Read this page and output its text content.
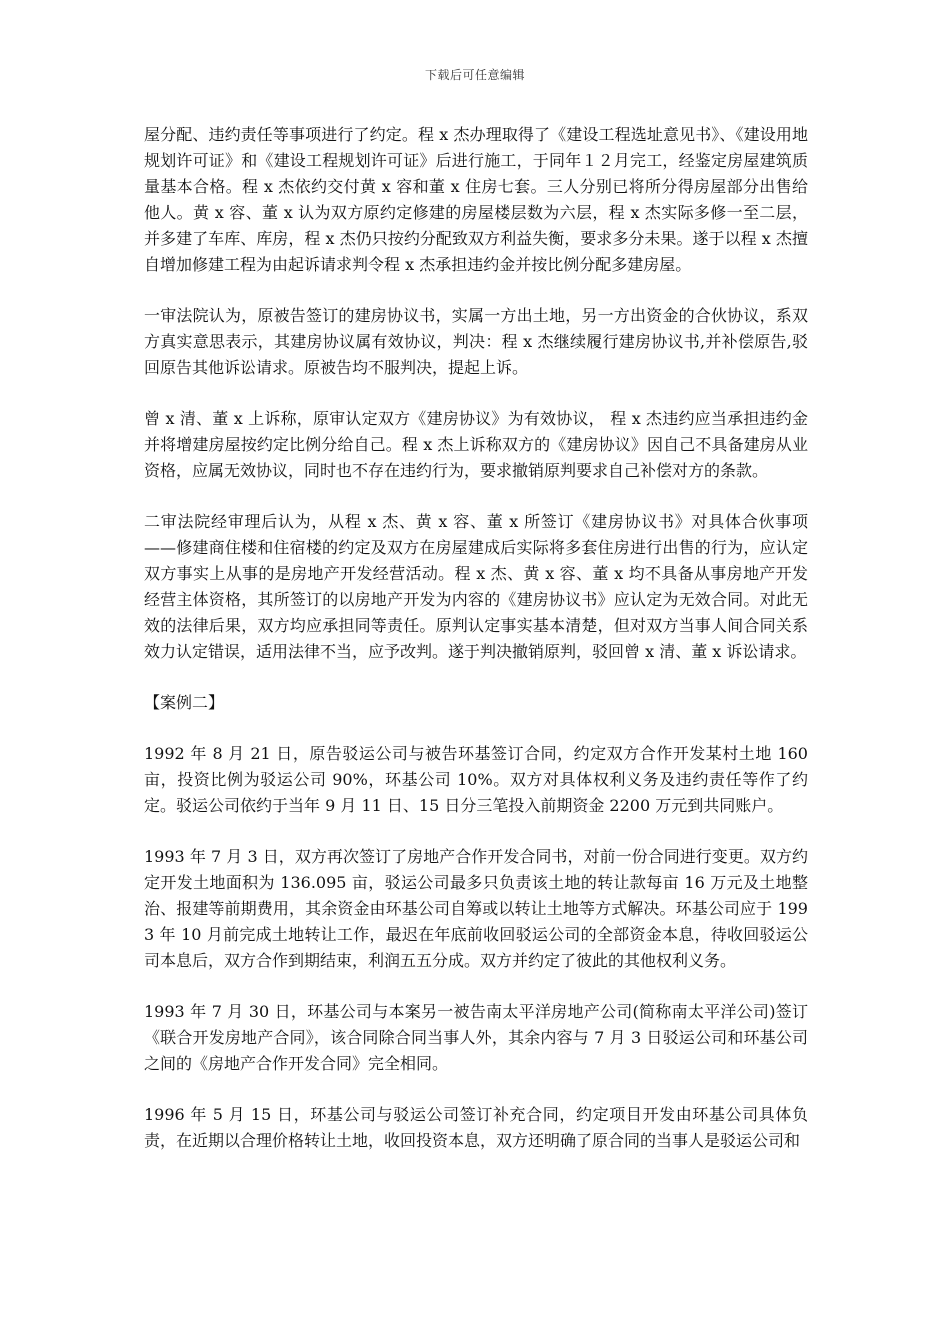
下载后可任意编辑

屋分配、违约责任等事项进行了约定。程 x 杰办理取得了《建设工程选址意见书》、《建设用地规划许可证》和《建设工程规划许可证》后进行施工，于同年１２月完工，经鉴定房屋建筑质量基本合格。程 x 杰依约交付黄 x 容和董 x 住房七套。三人分别已将所分得房屋部分出售给他人。黄 x 容、董 x 认为双方原约定修建的房屋楼层数为六层，程 x 杰实际多修一至二层，并多建了车库、库房，程 x 杰仍只按约分配致双方利益失衡，要求多分未果。遂于以程 x 杰擅自增加修建工程为由起诉请求判令程 x 杰承担违约金并按比例分配多建房屋。

一审法院认为，原被告签订的建房协议书，实属一方出土地，另一方出资金的合伙协议，系双方真实意思表示，其建房协议属有效协议，判决：程 x 杰继续履行建房协议书,并补偿原告,驳回原告其他诉讼请求。原被告均不服判决，提起上诉。

曾 x 清、董 x 上诉称，原审认定双方《建房协议》为有效协议， 程 x 杰违约应当承担违约金并将增建房屋按约定比例分给自己。程 x 杰上诉称双方的《建房协议》因自己不具备建房从业资格，应属无效协议，同时也不存在违约行为，要求撤销原判要求自己补偿对方的条款。

二审法院经审理后认为，从程 x 杰、黄 x 容、董 x 所签订《建房协议书》对具体合伙事项——修建商住楼和住宿楼的约定及双方在房屋建成后实际将多套住房进行出售的行为，应认定双方事实上从事的是房地产开发经营活动。程 x 杰、黄 x 容、董 x 均不具备从事房地产开发经营主体资格，其所签订的以房地产开发为内容的《建房协议书》应认定为无效合同。对此无效的法律后果，双方均应承担同等责任。原判认定事实基本清楚，但对双方当事人间合同关系效力认定错误，适用法律不当，应予改判。遂于判决撤销原判，驳回曾 x 清、董 x 诉讼请求。

【案例二】

1992 年 8 月 21 日，原告驳运公司与被告环基签订合同，约定双方合作开发某村土地 160 亩，投资比例为驳运公司 90%，环基公司 10%。双方对具体权利义务及违约责任等作了约定。驳运公司依约于当年 9 月 11 日、15 日分三笔投入前期资金 2200 万元到共同账户。

1993 年 7 月 3 日，双方再次签订了房地产合作开发合同书，对前一份合同进行变更。双方约定开发土地面积为 136.095 亩，驳运公司最多只负责该土地的转让款每亩 16 万元及土地整治、报建等前期费用，其余资金由环基公司自筹或以转让土地等方式解决。环基公司应于 1993 年 10 月前完成土地转让工作，最迟在年底前收回驳运公司的全部资金本息，待收回驳运公司本息后，双方合作到期结束，利润五五分成。双方并约定了彼此的其他权利义务。

1993 年 7 月 30 日，环基公司与本案另一被告南太平洋房地产公司(简称南太平洋公司)签订《联合开发房地产合同》，该合同除合同当事人外，其余内容与 7 月 3 日驳运公司和环基公司之间的《房地产合作开发合同》完全相同。

1996 年 5 月 15 日，环基公司与驳运公司签订补充合同，约定项目开发由环基公司具体负责，在近期以合理价格转让土地，收回投资本息，双方还明确了原合同的当事人是驳运公司和
